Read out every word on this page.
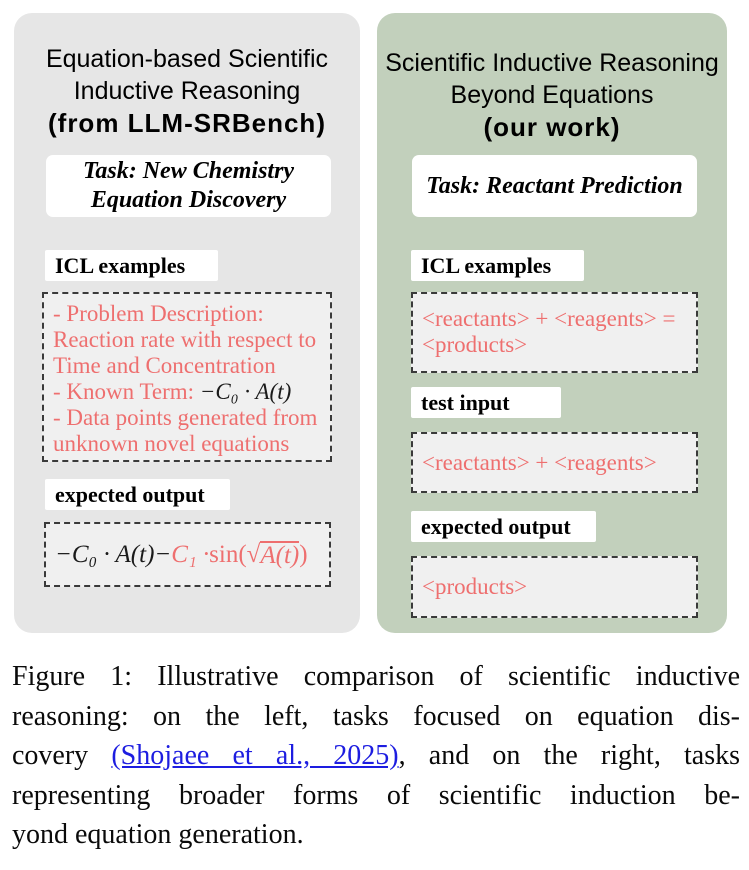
Equation-based Scientific
Inductive Reasoning
(from LLM-SRBench)
Task: New Chemistry
Equation Discovery
ICL examples
- Problem Description:
Reaction rate with respect to
Time and Concentration
- Known Term: −C₀ · A(t)
- Data points generated from
unknown novel equations
expected output
−C₀ · A(t)− C₁ · sin( √ A(t) )
Scientific Inductive Reasoning
Beyond Equations
(our work)
Task: Reactant Prediction
ICL examples
<reactants> + <reagents> =
<products>
test input
<reactants> + <reagents>
expected output
<products>
Figure 1: Illustrative comparison of scientific inductive
reasoning: on the left, tasks focused on equation dis-
covery (Shojaee et al., 2025), and on the right, tasks
representing broader forms of scientific induction be-
yond equation generation.
